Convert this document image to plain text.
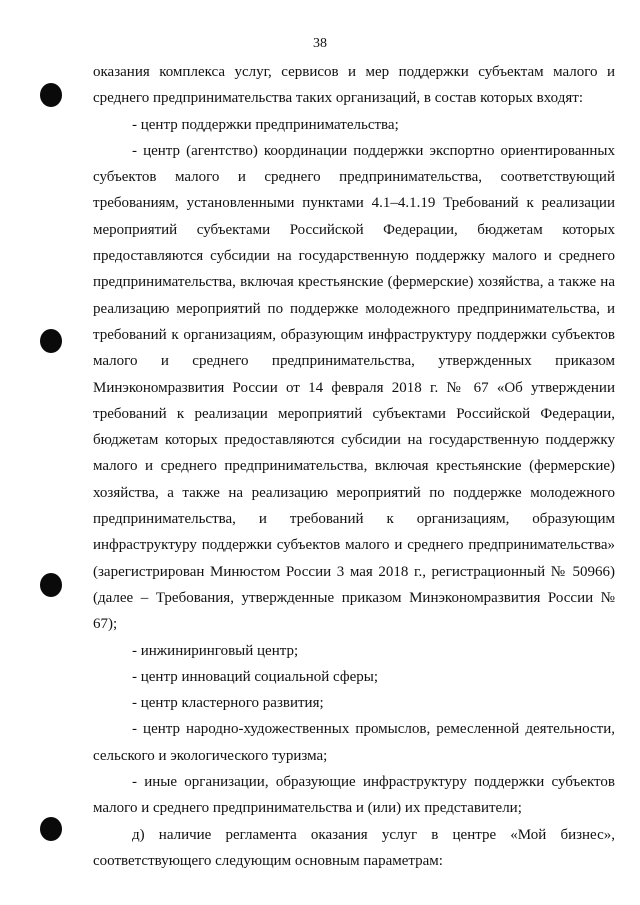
38

оказания комплекса услуг, сервисов и мер поддержки субъектам малого и среднего предпринимательства таких организаций, в состав которых входят:

- центр поддержки предпринимательства;

- центр (агентство) координации поддержки экспортно ориентированных субъектов малого и среднего предпринимательства, соответствующий требованиям, установленными пунктами 4.1–4.1.19 Требований к реализации мероприятий субъектами Российской Федерации, бюджетам которых предоставляются субсидии на государственную поддержку малого и среднего предпринимательства, включая крестьянские (фермерские) хозяйства, а также на реализацию мероприятий по поддержке молодежного предпринимательства, и требований к организациям, образующим инфраструктуру поддержки субъектов малого и среднего предпринимательства, утвержденных приказом Минэкономразвития России от 14 февраля 2018 г. № 67 «Об утверждении требований к реализации мероприятий субъектами Российской Федерации, бюджетам которых предоставляются субсидии на государственную поддержку малого и среднего предпринимательства, включая крестьянские (фермерские) хозяйства, а также на реализацию мероприятий по поддержке молодежного предпринимательства, и требований к организациям, образующим инфраструктуру поддержки субъектов малого и среднего предпринимательства» (зарегистрирован Минюстом России 3 мая 2018 г., регистрационный № 50966) (далее – Требования, утвержденные приказом Минэкономразвития России № 67);

- инжиниринговый центр;

- центр инноваций социальной сферы;

- центр кластерного развития;

- центр народно-художественных промыслов, ремесленной деятельности, сельского и экологического туризма;

- иные организации, образующие инфраструктуру поддержки субъектов малого и среднего предпринимательства и (или) их представители;

д) наличие регламента оказания услуг в центре «Мой бизнес», соответствующего следующим основным параметрам:
